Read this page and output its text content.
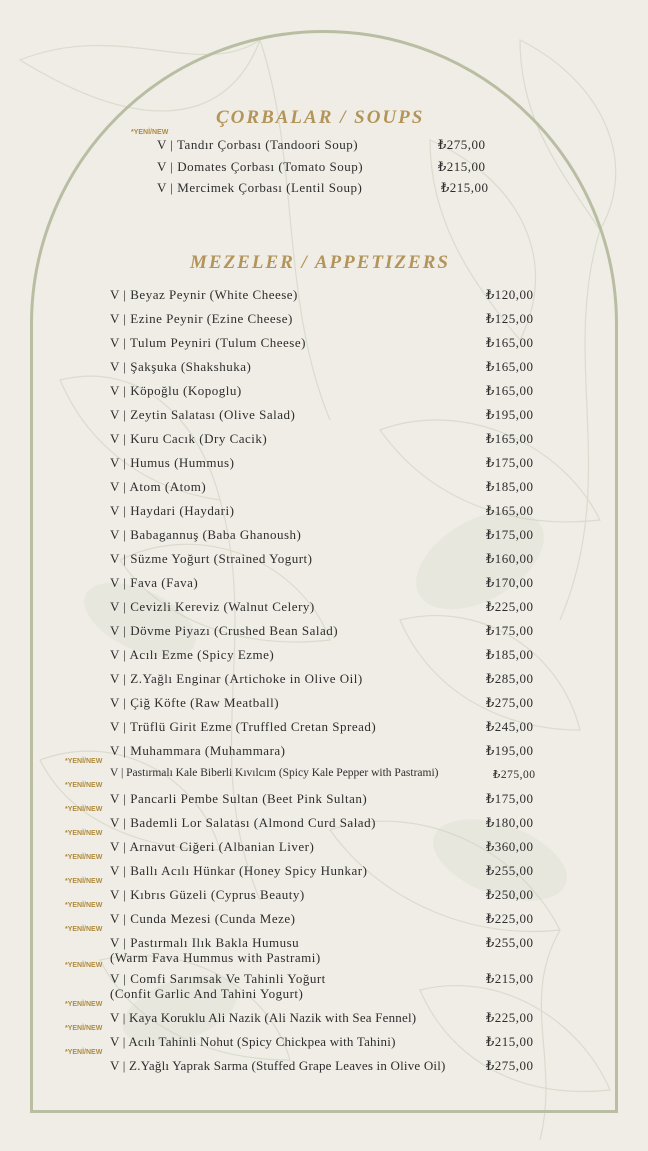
ÇORBALAR / SOUPS
*YENİ/NEW
V | Tandır Çorbası (Tandoori Soup)	₺275,00
V | Domates Çorbası (Tomato Soup)	₺215,00
V | Mercimek Çorbası (Lentil Soup)	₺215,00
MEZELER / APPETIZERS
V | Beyaz Peynir (White Cheese)	₺120,00
V | Ezine Peynir (Ezine Cheese)	₺125,00
V | Tulum Peyniri (Tulum Cheese)	₺165,00
V | Şakşuka (Shakshuka)	₺165,00
V | Köpoğlu (Kopoglu)	₺165,00
V | Zeytin Salatası (Olive Salad)	₺195,00
V | Kuru Cacık (Dry Cacik)	₺165,00
V | Humus (Hummus)	₺175,00
V | Atom (Atom)	₺185,00
V | Haydari (Haydari)	₺165,00
V | Babagannuş (Baba Ghanoush)	₺175,00
V | Süzme Yoğurt (Strained Yogurt)	₺160,00
V | Fava (Fava)	₺170,00
V | Cevizli Kereviz (Walnut Celery)	₺225,00
V | Dövme Piyazı (Crushed Bean Salad)	₺175,00
V | Acılı Ezme (Spicy Ezme)	₺185,00
V | Z.Yağlı Enginar (Artichoke in Olive Oil)	₺285,00
V | Çiğ Köfte (Raw Meatball)	₺275,00
V | Trüflü Girit Ezme (Truffled Cretan Spread)	₺245,00
V | Muhammara (Muhammara)	₺195,00
*YENİ/NEW
V | Pastırmalı Kale Biberli Kıvılcım (Spicy Kale Pepper with Pastrami)	₺275,00
*YENİ/NEW
V | Pancarli Pembe Sultan (Beet Pink Sultan)	₺175,00
*YENİ/NEW
V | Bademli Lor Salatası (Almond Curd Salad)	₺180,00
*YENİ/NEW
V | Arnavut Ciğeri (Albanian Liver)	₺360,00
*YENİ/NEW
V | Ballı Acılı Hünkar (Honey Spicy Hunkar)	₺255,00
*YENİ/NEW
V | Kıbrıs Güzeli (Cyprus Beauty)	₺250,00
*YENİ/NEW
V | Cunda Mezesi (Cunda Meze)	₺225,00
*YENİ/NEW
V | Pastırmalı Ilık Bakla Humusu
(Warm Fava Hummus with Pastrami)
₺255,00
*YENİ/NEW
V | Comfi Sarımsak Ve Tahinli Yoğurt
(Confit Garlic And Tahini Yogurt)
₺215,00
*YENİ/NEW
V | Kaya Koruklu Ali Nazik (Ali Nazik with Sea Fennel)	₺225,00
*YENİ/NEW
V | Acılı Tahinli Nohut (Spicy Chickpea with Tahini)	₺215,00
*YENİ/NEW
V | Z.Yağlı Yaprak Sarma (Stuffed Grape Leaves in Olive Oil)	₺275,00
